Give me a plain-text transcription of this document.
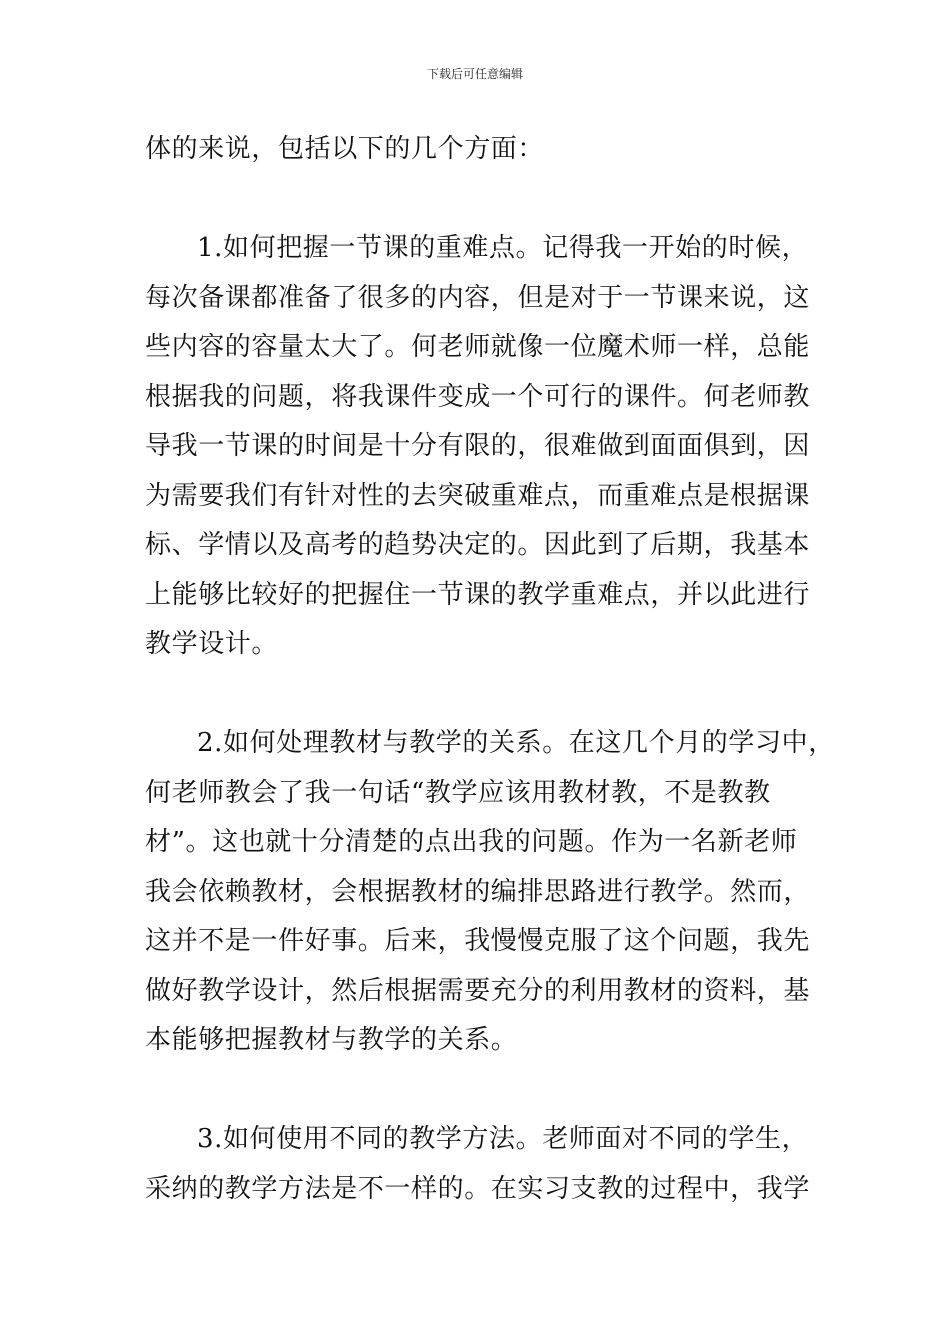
下载后可任意编辑
体的来说，包括以下的几个方面：
1.如何把握一节课的重难点。记得我一开始的时候，
每次备课都准备了很多的内容，但是对于一节课来说，这
些内容的容量太大了。何老师就像一位魔术师一样，总能
根据我的问题，将我课件变成一个可行的课件。何老师教
导我一节课的时间是十分有限的，很难做到面面俱到，因
为需要我们有针对性的去突破重难点，而重难点是根据课
标、学情以及高考的趋势决定的。因此到了后期，我基本
上能够比较好的把握住一节课的教学重难点，并以此进行
教学设计。
2.如何处理教材与教学的关系。在这几个月的学习中，
何老师教会了我一句话“教学应该用教材教，不是教教
材”。这也就十分清楚的点出我的问题。作为一名新老师
我会依赖教材，会根据教材的编排思路进行教学。然而，
这并不是一件好事。后来，我慢慢克服了这个问题，我先
做好教学设计，然后根据需要充分的利用教材的资料，基
本能够把握教材与教学的关系。
3.如何使用不同的教学方法。老师面对不同的学生，
采纳的教学方法是不一样的。在实习支教的过程中，我学
